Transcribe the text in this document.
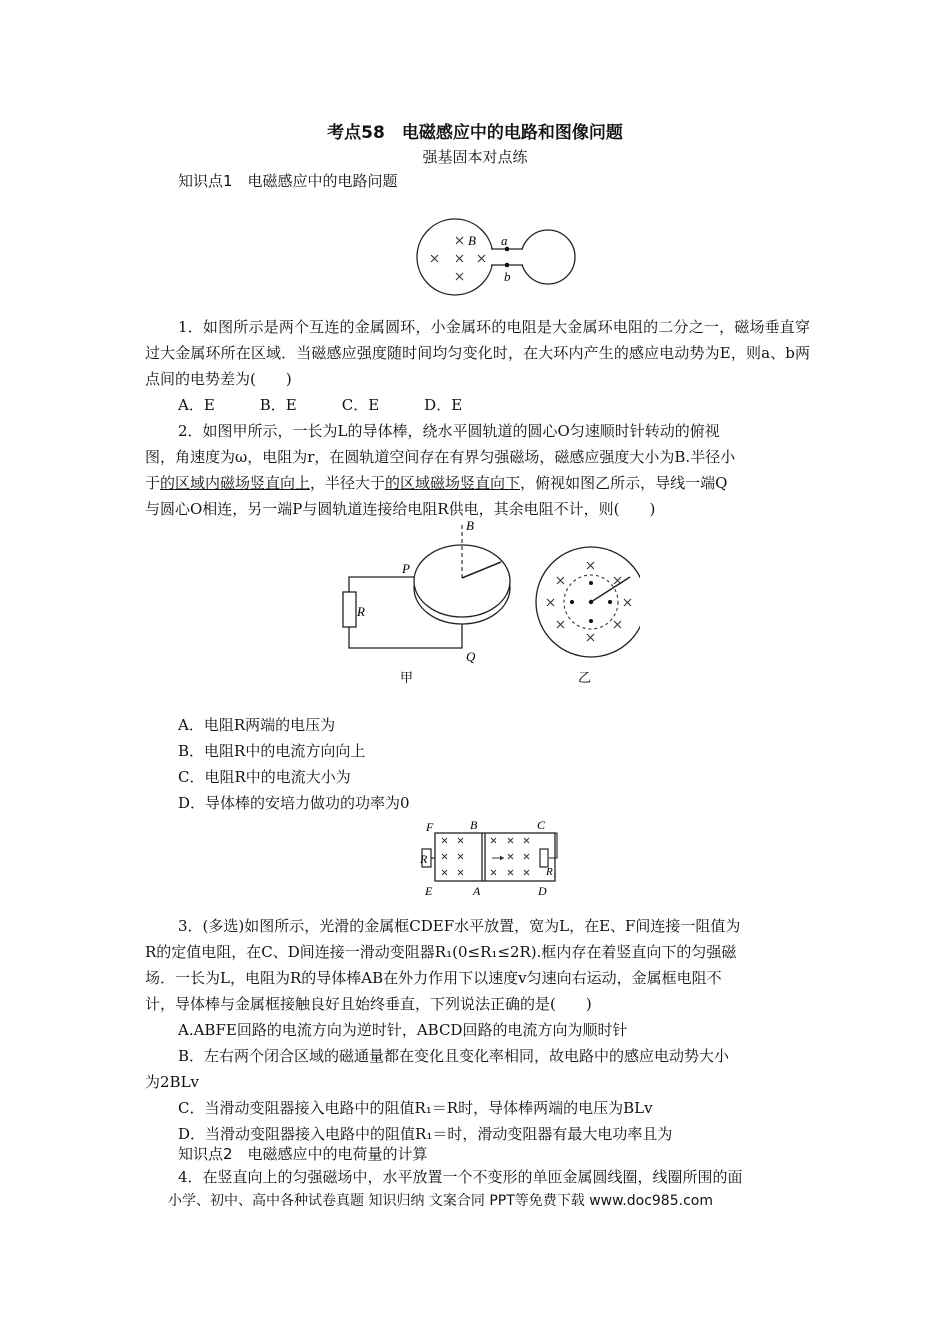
考点58　电磁感应中的电路和图像问题
强基固本对点练
知识点1　电磁感应中的电路问题
B a
b

1．如图所示是两个互连的金属圆环，小金属环的电阻是大金属环电阻的二分之一，磁场垂直穿过大金属环所在区域．当磁感应强度随时间均匀变化时，在大环内产生的感应电动势为E，则a、b两点间的电势差为(　　)

A．E　　　B．E　　　C．E　　　D．E
2．如图甲所示，一长为L的导体棒，绕水平圆轨道的圆心O匀速顺时针转动的俯视
图，角速度为ω，电阻为r，在圆轨道空间存在有界匀强磁场，磁感应强度大小为B.半径小
于的区域内磁场竖直向上，半径大于的区域磁场竖直向下，俯视如图乙所示，导线一端Q
与圆心O相连，另一端P与圆轨道连接给电阻R供电，其余电阻不计，则(　　)
B
P
R
Q
甲	乙
A．电阻R两端的电压为
B．电阻R中的电流方向向上
C．电阻R中的电流大小为
D．导体棒的安培力做功的功率为0
F	B	C
R
R₁
E	A	D
3．(多选)如图所示，光滑的金属框CDEF水平放置，宽为L，在E、F间连接一阻值为
R的定值电阻，在C、D间连接一滑动变阻器R₁(0≤R₁≤2R).框内存在着竖直向下的匀强磁
场．一长为L，电阻为R的导体棒AB在外力作用下以速度v匀速向右运动，金属框电阻不
计，导体棒与金属框接触良好且始终垂直，下列说法正确的是(　　)
A.ABFE回路的电流方向为逆时针，ABCD回路的电流方向为顺时针
B．左右两个闭合区域的磁通量都在变化且变化率相同，故电路中的感应电动势大小
为2BLv
C．当滑动变阻器接入电路中的阻值R₁＝R时，导体棒两端的电压为BLv
D．当滑动变阻器接入电路中的阻值R₁＝时，滑动变阻器有最大电功率且为
知识点2　电磁感应中的电荷量的计算
4．在竖直向上的匀强磁场中，水平放置一个不变形的单匝金属圆线圈，线圈所围的面
小学、初中、高中各种试卷真题 知识归纳 文案合同 PPT等免费下载 www.doc985.com
